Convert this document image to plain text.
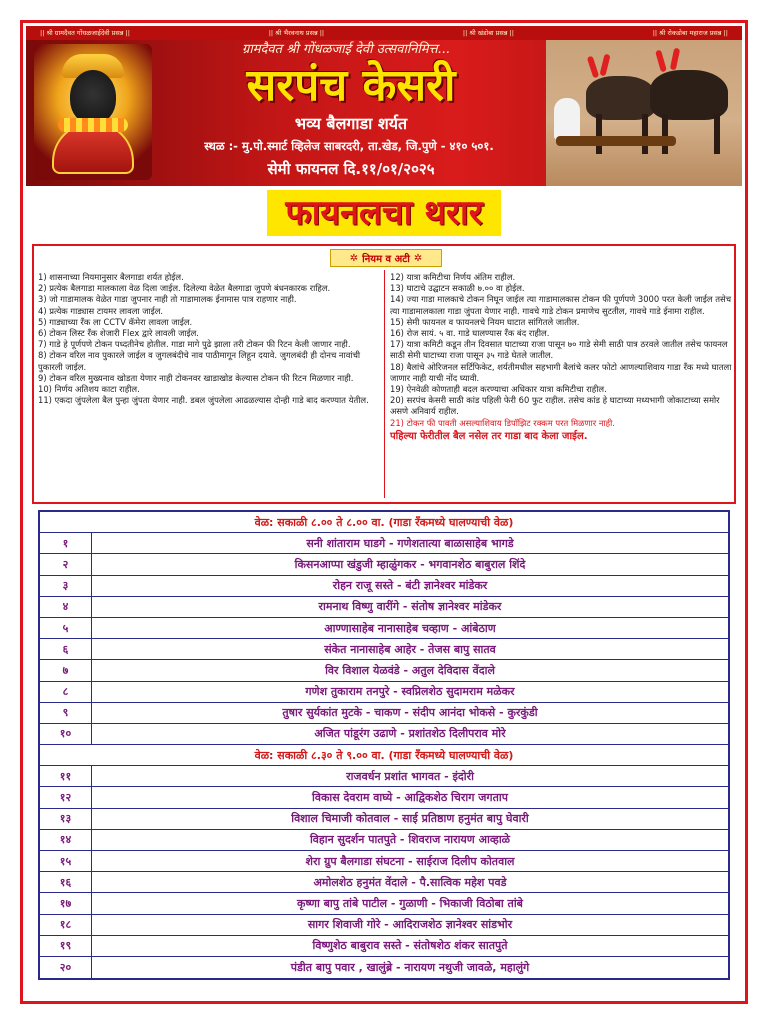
|| श्री ग्रामदैवत गोंधळजाईदेवी प्रसन्न ||	|| श्री भैरवनाथ प्रसन्न ||	|| श्री खंडोबा प्रसन्न ||	|| श्री रोकडोबा महाराज प्रसन्न ||
ग्रामदैवत श्री गोंधळजाई देवी उत्सवानिमित्त...
सरपंच केसरी
भव्य बैलगाडा शर्यत
स्थळ :- मु.पो.स्मार्ट व्हिलेज साबरदरी, ता.खेड, जि.पुणे - ४१० ५०१.
सेमी फायनल दि.११/०१/२०२५
फायनलचा थरार
✲ नियम व अटी ✲
1) शासनाच्या नियमानुसार बैलगाडा शर्यत होईल.
2) प्रत्येक बैलगाडा मालकाला वेळ दिला जाईल. दिलेल्या वेळेत बैलगाडा जुपणे बंधनकारक राहिल.
3) जो गाडामालक वेळेत गाडा जुपनार नाही तो गाडामालक ईनामास पात्र राहणार नाही.
4) प्रत्येक गाड्यास टायमर लावला जाईल.
5) गाड्याच्या रँक ला CCTV कॅमेरा लावला जाईल.
6) टोकन लिस्ट रँक शेजारी Flex द्वारे लावली जाईल.
7) गाडे हे पूर्णपणे टोकन पध्दतीनेच होतील. गाडा मागे पुढे झाला तरी टोकन फी रिटन केली जाणार नाही.
8) टोकन वरिल नाव पुकारले जाईल व जुगलबंदीचे नाव पाठीमागून लिहून दयावे. जुगलबंदी ही दोनच नावांची पुकारली जाईल.
9) टोकन वरिल मुख्यनाव खोडता येणार नाही टोकनवर खाडाखोड केल्यास टोकन फी रिटन मिळणार नाही.
10) निर्णय अतिशय काटा राहील.
11) एकदा जुंपलेला बैल पुन्हा जुंपता येणार नाही. डबल जुंपलेला आढळल्यास दोन्ही गाडे बाद करण्यात येतील.
12) यात्रा कमिटीचा निर्णय अंतिम राहील.
13) घाटाचे उद्घाटन सकाळी ७.०० वा होईल.
14) ज्या गाडा मालकाचे टोकन निघून जाईल त्या गाडामालकास टोकन फी पूर्णपणे 3000 परत केली जाईल तसेच त्या गाडामालकाला गाडा जुंपता येणार नाही. गावचे गाडे टोकन प्रमाणेच सुटतील, गावचे गाडे ईनामा राहील.
15) सेमी फायनल व फायनलचे नियम घाटात सांगितले जातील.
16) रोज सायं. ५ वा. गाडे घालण्यास रँक बंद राहील.
17) यात्रा कमिटी कडून तीन दिवसात घाटाच्या राजा पासून ७० गाडे सेमी साठी पात्र ठरवले जातील तसेच फायनल साठी सेमी घाटाच्या राजा पासून ३५ गाडे घेतले जातील.
18) बैलांचे ओरिजनल सर्टिफिकेट, शर्यतीमधील सहभागी बैलांचे कलर फोटो आणल्याशिवाय गाडा रँक मध्ये घातला जाणार नाही याची नोंद घ्यावी.
19) ऐनवेळी कोणताही बदल करण्याचा अधिकार यात्रा कमिटीचा राहील.
20) सरपंच केसरी साठी कांड पहिली फेरी 60 फुट राहील. तसेच कांड हे घाटाच्या मध्यभागी जोकाटाच्या समोर असणे अनिवार्य राहील.
21) टोकन फी पावती असल्याशिवाय डिपॉझिट रक्कम परत मिळणार नाही.
पहिल्या फेरीतील बैल नसेल तर गाडा बाद केला जाईल.
वेळ: सकाळी ८.०० ते ८.०० वा. (गाडा रँकमध्ये घालण्याची वेळ)
१	सनी शांताराम घाडगे - गणेशतात्या बाळासाहेब भागडे
२	किसनआप्पा खंडुजी म्हाळुंगकर - भगवानशेठ बाबुराल शिंदे
३	रोहन राजू सस्ते - बंटी ज्ञानेश्वर मांडेकर
४	रामनाथ विष्णु वारींगे - संतोष ज्ञानेश्वर मांडेकर
५	आण्णासाहेब नानासाहेब चव्हाण - आंबेठाण
६	संकेत नानासाहेब आहेर - तेजस बापु सातव
७	विर विशाल येळवंडे - अतुल देविदास वेंदाले
८	गणेश तुकाराम तनपुरे - स्वप्निलशेठ सुदामराम मळेकर
९	तुषार सुर्यकांत मुटके - चाकण - संदीप आनंदा भोकसे - कुरकुंडी
१०	अजित पांडूरंग उढाणे - प्रशांतशेठ दिलीपराव मोरे
वेळ: सकाळी ८.३० ते ९.०० वा. (गाडा रँकमध्ये घालण्याची वेळ)
११	राजवर्धन प्रशांत भागवत - इंदोरी
१२	विकास देवराम वाघ्ये - आद्विकशेठ चिराग जगताप
१३	विशाल चिमाजी कोतवाल - साई प्रतिष्ठाण हनुमंत बापु घेवारी
१४	विहान सुदर्शन पातपुते - शिवराज नारायण आव्हाळे
१५	शेरा ग्रुप बैलगाडा संघटना - साईराज दिलीप कोतवाल
१६	अमोलशेठ हनुमंत वेंदाले - पै.सात्विक महेश पवडे
१७	कृष्णा बापु तांबे पाटील - गुळाणी - भिकाजी विठोबा तांबे
१८	सागर शिवाजी गोरे - आदिराजशेठ ज्ञानेश्वर सांडभोर
१९	विष्णुशेठ बाबुराव सस्ते - संतोषशेठ शंकर सातपुते
२०	पंडीत बापु पवार , खालुंब्रे - नारायण नथुजी जावळे, महालुंगे
